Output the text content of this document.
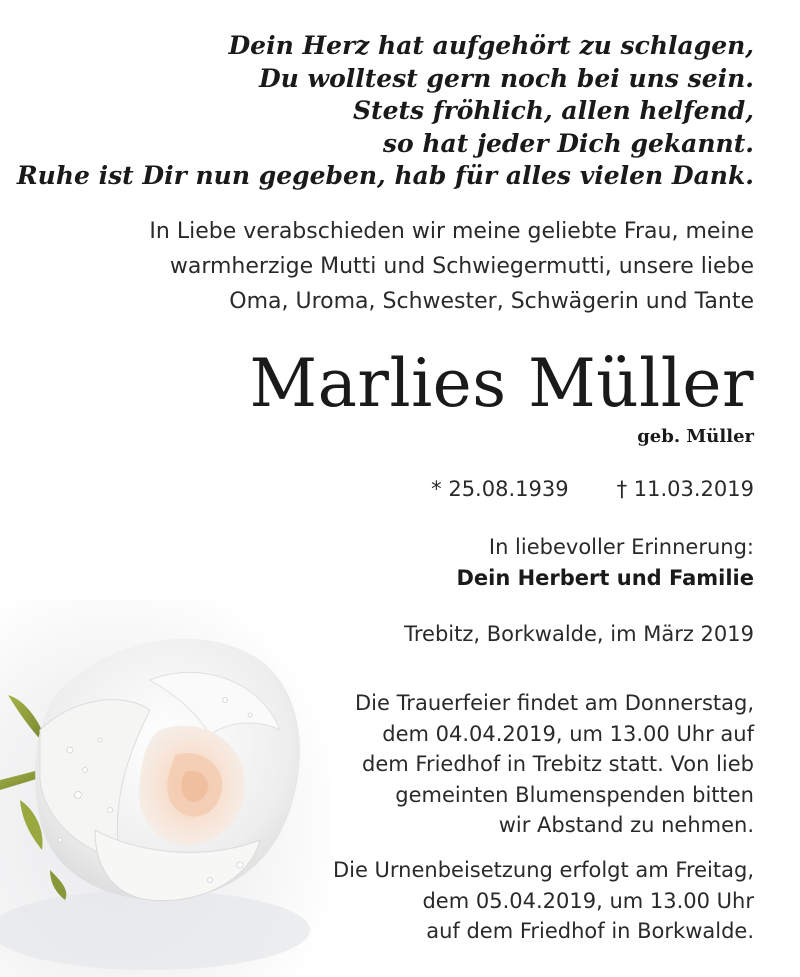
Dein Herz hat aufgehört zu schlagen,
Du wolltest gern noch bei uns sein.
Stets fröhlich, allen helfend,
so hat jeder Dich gekannt.
Ruhe ist Dir nun gegeben, hab für alles vielen Dank.
In Liebe verabschieden wir meine geliebte Frau, meine
warmherzige Mutti und Schwiegermutti, unsere liebe
Oma, Uroma, Schwester, Schwägerin und Tante
Marlies Müller
geb. Müller
* 25.08.1939 † 11.03.2019
In liebevoller Erinnerung:
Dein Herbert und Familie
Trebitz, Borkwalde, im März 2019
Die Trauerfeier findet am Donnerstag,
dem 04.04.2019, um 13.00 Uhr auf
dem Friedhof in Trebitz statt. Von lieb
gemeinten Blumenspenden bitten
wir Abstand zu nehmen.
Die Urnenbeisetzung erfolgt am Freitag,
dem 05.04.2019, um 13.00 Uhr
auf dem Friedhof in Borkwalde.
